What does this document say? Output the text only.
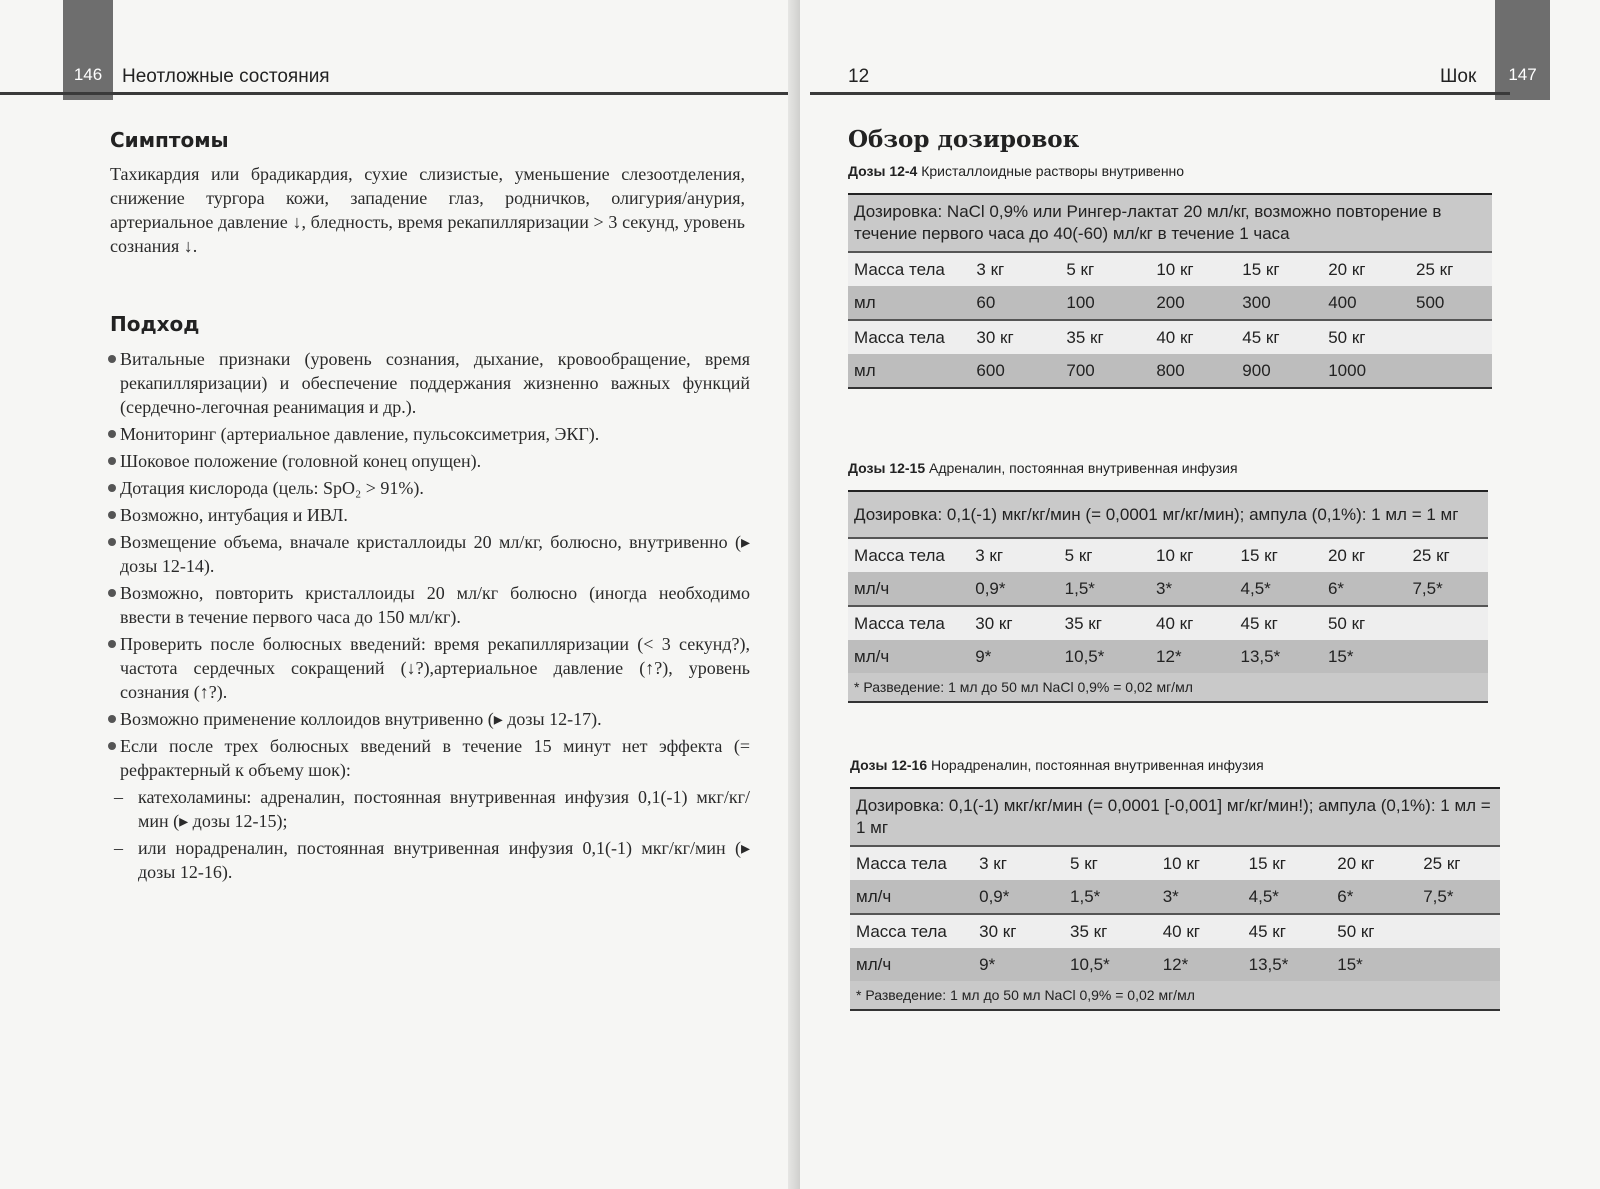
146	Неотложные состояния
Симптомы
Тахикардия или брадикардия, сухие слизистые, уменьшение слезоотделения, снижение тургора кожи, западение глаз, родничков, олигурия/анурия, артериальное давление ↓, бледность, время рекапилляризации > 3 секунд, уровень сознания ↓.
Подход
Витальные признаки (уровень сознания, дыхание, кровообращение, время рекапилляризации) и обеспечение поддержания жизненно важных функций (сердечно-легочная реанимация и др.).
Мониторинг (артериальное давление, пульсоксиметрия, ЭКГ).
Шоковое положение (головной конец опущен).
Дотация кислорода (цель: SpO₂ > 91%).
Возможно, интубация и ИВЛ.
Возмещение объема, вначале кристаллоиды 20 мл/кг, болюсно, внутривенно (▸ дозы 12-14).
Возможно, повторить кристаллоиды 20 мл/кг болюсно (иногда необходимо ввести в течение первого часа до 150 мл/кг).
Проверить после болюсных введений: время рекапилляризации (< 3 секунд?), частота сердечных сокращений (↓?),артериальное давление (↑?), уровень сознания (↑?).
Возможно применение коллоидов внутривенно (▸ дозы 12-17).
Если после трех болюсных введений в течение 15 минут нет эффекта (= рефрактерный к объему шок):
– катехоламины: адреналин, постоянная внутривенная инфузия 0,1(-1) мкг/кг/мин (▸ дозы 12-15);
– или норадреналин, постоянная внутривенная инфузия 0,1(-1) мкг/кг/мин (▸ дозы 12-16).
12	Шок	147
Обзор дозировок
Дозы 12-4 Кристаллоидные растворы внутривенно
Дозировка: NaCl 0,9% или Рингер-лактат 20 мл/кг, возможно повторение в течение первого часа до 40(-60) мл/кг в течение 1 часа						
Масса тела	3 кг	5 кг	10 кг	15 кг	20 кг	25 кг
мл	60	100	200	300	400	500
Масса тела	30 кг	35 кг	40 кг	45 кг	50 кг	
мл	600	700	800	900	1000	
Дозы 12-15 Адреналин, постоянная внутривенная инфузия
Дозировка: 0,1(-1) мкг/кг/мин (= 0,0001 мг/кг/мин); ампула (0,1%): 1 мл = 1 мг						
Масса тела	3 кг	5 кг	10 кг	15 кг	20 кг	25 кг
мл/ч	0,9*	1,5*	3*	4,5*	6*	7,5*
Масса тела	30 кг	35 кг	40 кг	45 кг	50 кг	
мл/ч	9*	10,5*	12*	13,5*	15*	
* Разведение: 1 мл до 50 мл NaCl 0,9% = 0,02 мг/мл						
Дозы 12-16 Норадреналин, постоянная внутривенная инфузия
Дозировка: 0,1(-1) мкг/кг/мин (= 0,0001 [-0,001] мг/кг/мин!); ампула (0,1%): 1 мл = 1 мг						
Масса тела	3 кг	5 кг	10 кг	15 кг	20 кг	25 кг
мл/ч	0,9*	1,5*	3*	4,5*	6*	7,5*
Масса тела	30 кг	35 кг	40 кг	45 кг	50 кг	
мл/ч	9*	10,5*	12*	13,5*	15*	
* Разведение: 1 мл до 50 мл NaCl 0,9% = 0,02 мг/мл						
